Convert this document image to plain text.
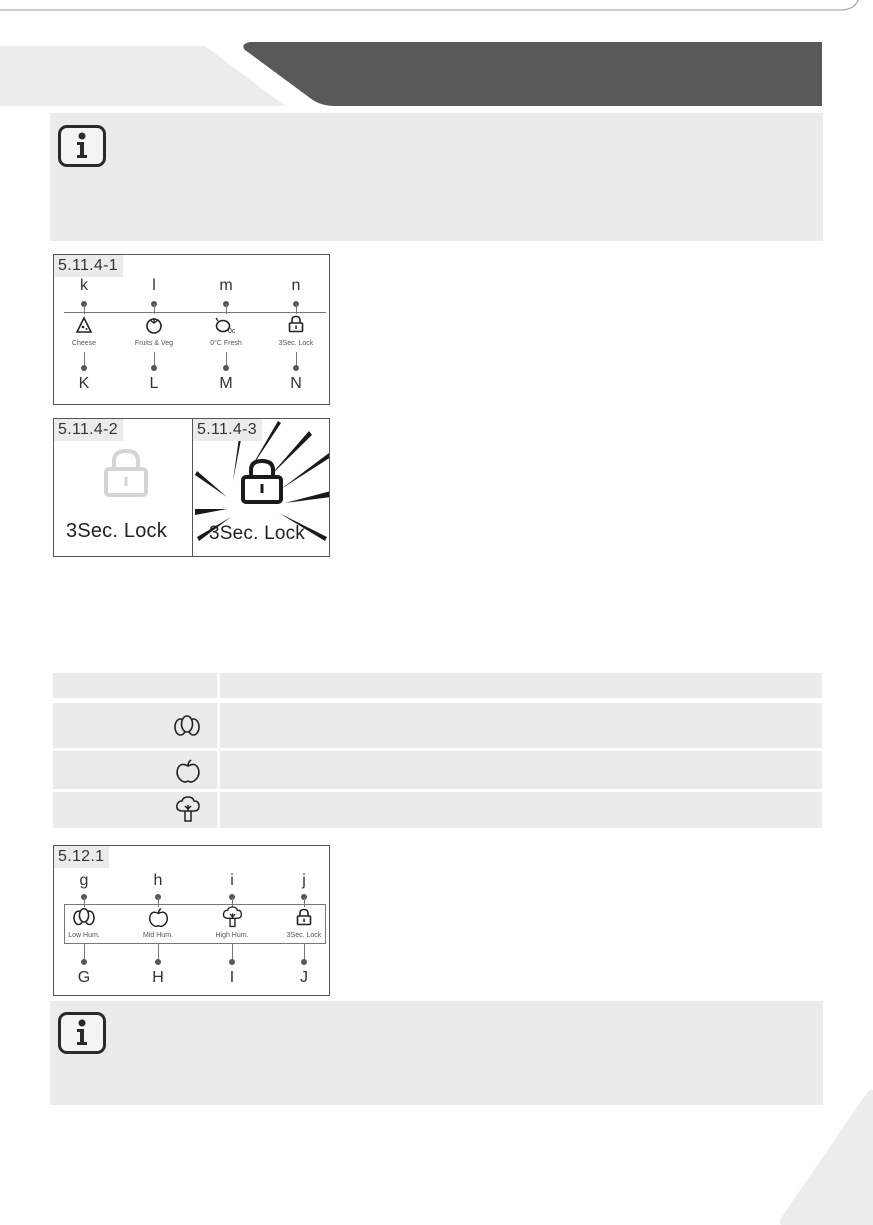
5.11.4-1
k
Cheese
K
l
Fruits & Veg
L
m
0c
0°C Fresh
M
n
3Sec. Lock
N
5.11.4-2
3Sec. Lock 3Sec. Lock
5.11.4-3
5.12.1
g
Low Hum.
G
h
Mid Hum.
H
i
High Hum.
I
j
3Sec. Lock
J
